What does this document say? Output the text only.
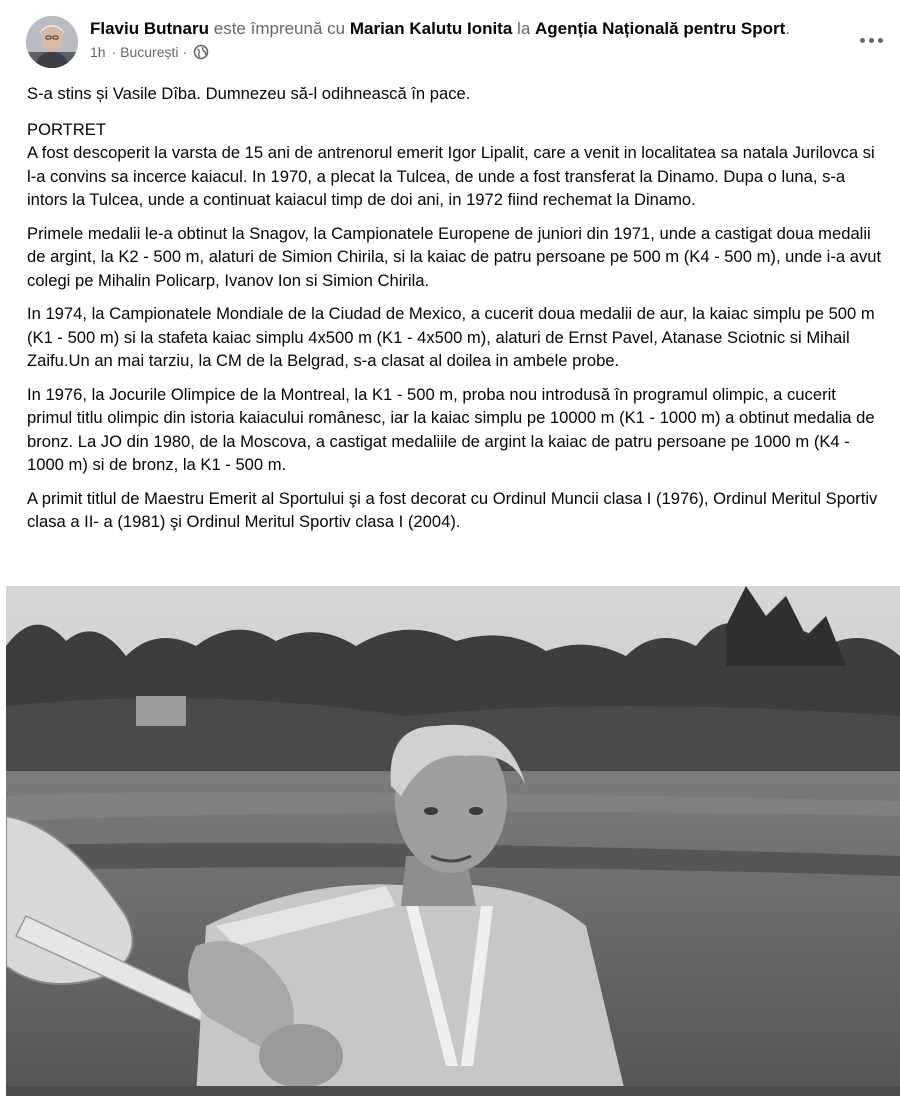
Flaviu Butnaru este împreună cu Marian Kalutu Ionita la Agenția Națională pentru Sport.
1h · București ·

S-a stins și Vasile Dîba. Dumnezeu să-l odihnească în pace.

PORTRET

A fost descoperit la varsta de 15 ani de antrenorul emerit Igor Lipalit, care a venit in localitatea sa natala Jurilovca si l-a convins sa incerce kaiacul. In 1970, a plecat la Tulcea, de unde a fost transferat la Dinamo. Dupa o luna, s-a intors la Tulcea, unde a continuat kaiacul timp de doi ani, in 1972 fiind rechemat la Dinamo.

Primele medalii le-a obtinut la Snagov, la Campionatele Europene de juniori din 1971, unde a castigat doua medalii de argint, la K2 - 500 m, alaturi de Simion Chirila, si la kaiac de patru persoane pe 500 m (K4 - 500 m), unde i-a avut colegi pe Mihalin Policarp, Ivanov Ion si Simion Chirila.

In 1974, la Campionatele Mondiale de la Ciudad de Mexico, a cucerit doua medalii de aur, la kaiac simplu pe 500 m (K1 - 500 m) si la stafeta kaiac simplu 4x500 m (K1 - 4x500 m), alaturi de Ernst Pavel, Atanase Sciotnic si Mihail Zaifu.Un an mai tarziu, la CM de la Belgrad, s-a clasat al doilea in ambele probe.

In 1976, la Jocurile Olimpice de la Montreal, la K1 - 500 m, proba nou introdusă în programul olimpic, a cucerit primul titlu olimpic din istoria kaiacului românesc, iar la kaiac simplu pe 10000 m (K1 - 1000 m) a obtinut medalia de bronz. La JO din 1980, de la Moscova, a castigat medaliile de argint la kaiac de patru persoane pe 1000 m (K4 - 1000 m) si de bronz, la K1 - 500 m.

A primit titlul de Maestru Emerit al Sportului şi a fost decorat cu Ordinul Muncii clasa I (1976), Ordinul Meritul Sportiv clasa a II- a (1981) şi Ordinul Meritul Sportiv clasa I (2004).
